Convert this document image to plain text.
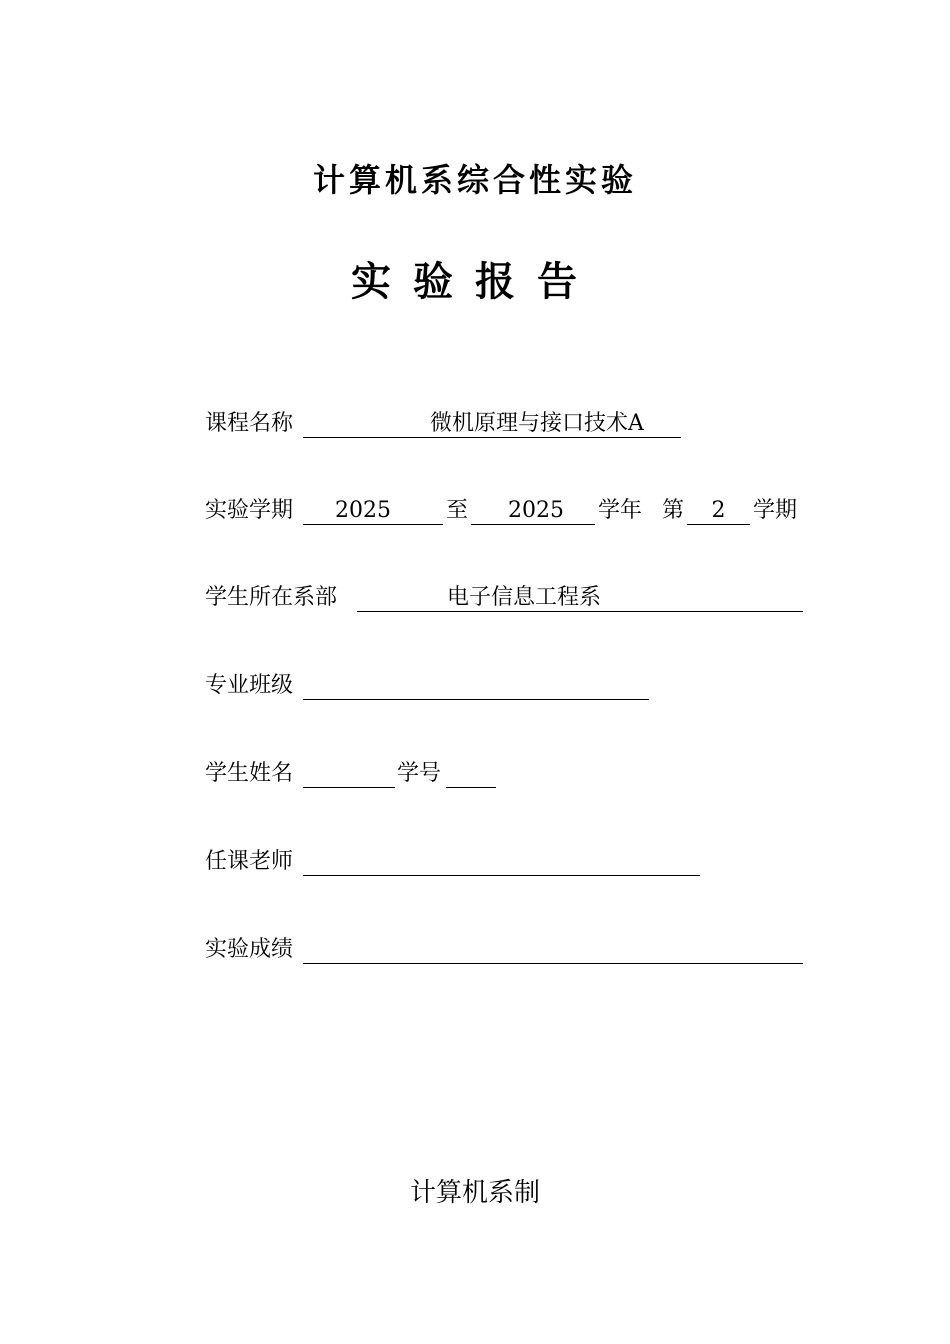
计算机系综合性实验
实验报告
课程名称	微机原理与接口技术A
实验学期 2025	至 2025	学年 第	2	学期
学生所在系部	电子信息工程系
专业班级
学生姓名	学号
任课老师
实验成绩
计算机系制
